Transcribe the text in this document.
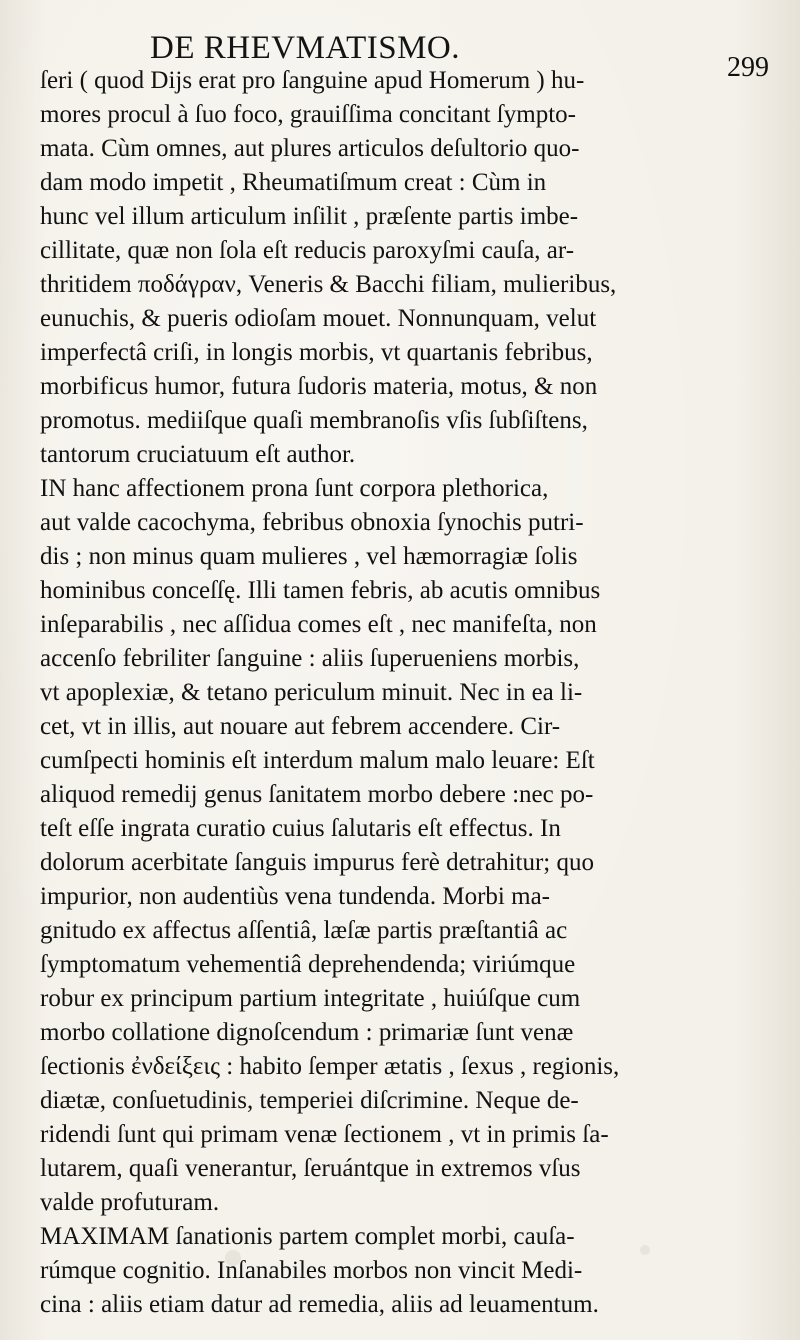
DE RHEVMATISMO.
299
ſeri ( quod Dijs erat pro ſanguine apud Homerum ) hu-
mores procul à ſuo foco, grauiſſima concitant ſympto-
mata. Cùm omnes, aut plures articulos deſultorio quo-
dam modo impetit , Rheumatiſmum creat : Cùm in
hunc vel illum articulum inſilit , præſente partis imbe-
cillitate, quæ non ſola eſt reducis paroxyſmi cauſa, ar-
thritidem ποδάγραν, Veneris & Bacchi filiam, mulieribus,
eunuchis, & pueris odioſam mouet. Nonnunquam, velut
imperfectâ criſi, in longis morbis, vt quartanis febribus,
morbificus humor, futura ſudoris materia, motus, & non
promotus. mediiſque quaſi membranoſis vſis ſubſiſtens,
tantorum cruciatuum eſt author.
IN hanc affectionem prona ſunt corpora plethorica,
aut valde cacochyma, febribus obnoxia ſynochis putri-
dis ; non minus quam mulieres , vel hæmorragiæ ſolis
hominibus conceſſę. Illi tamen febris, ab acutis omnibus
inſeparabilis , nec aſſidua comes eſt , nec manifeſta, non
accenſo febriliter ſanguine : aliis ſuperueniens morbis,
vt apoplexiæ, & tetano periculum minuit. Nec in ea li-
cet, vt in illis, aut nouare aut febrem accendere. Cir-
cumſpecti hominis eſt interdum malum malo leuare: Eſt
aliquod remedij genus ſanitatem morbo debere :nec po-
teſt eſſe ingrata curatio cuius ſalutaris eſt effectus. In
dolorum acerbitate ſanguis impurus ferè detrahitur; quo
impurior, non audentiùs vena tundenda. Morbi ma-
gnitudo ex affectus aſſentiâ, læſæ partis præſtantiâ ac
ſymptomatum vehementiâ deprehendenda; viriúmque
robur ex principum partium integritate , huiúſque cum
morbo collatione dignoſcendum : primariæ ſunt venæ
ſectionis ἐνδείξεις : habito ſemper ætatis , ſexus , regionis,
diætæ, conſuetudinis, temperiei diſcrimine. Neque de-
ridendi ſunt qui primam venæ ſectionem , vt in primis ſa-
lutarem, quaſi venerantur, ſeruántque in extremos vſus
valde profuturam.
MAXIMAM ſanationis partem complet morbi, cauſa-
rúmque cognitio. Inſanabiles morbos non vincit Medi-
cina : aliis etiam datur ad remedia, aliis ad leuamentum.
